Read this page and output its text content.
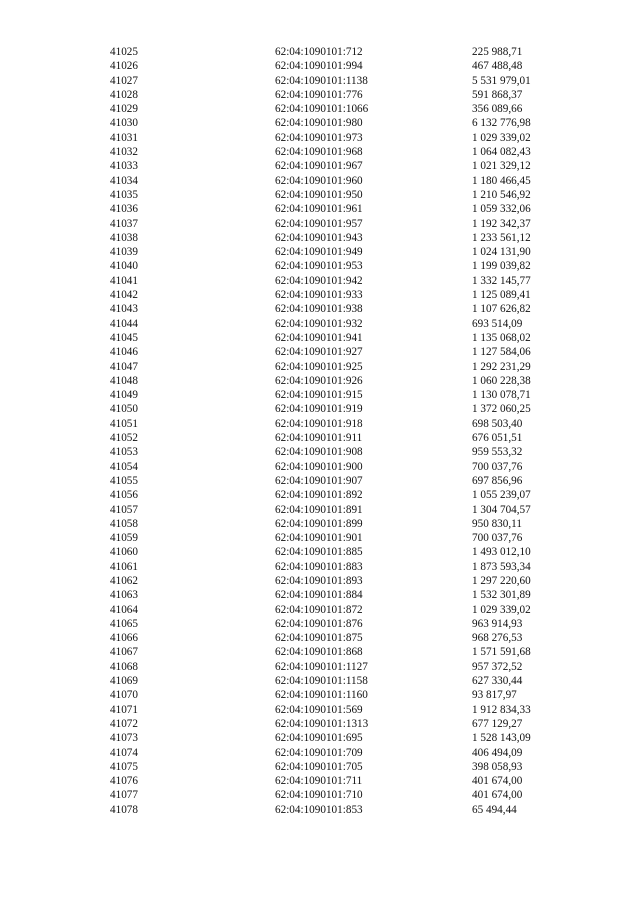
41025	62:04:1090101:712	225 988,71
41026	62:04:1090101:994	467 488,48
41027	62:04:1090101:1138	5 531 979,01
41028	62:04:1090101:776	591 868,37
41029	62:04:1090101:1066	356 089,66
41030	62:04:1090101:980	6 132 776,98
41031	62:04:1090101:973	1 029 339,02
41032	62:04:1090101:968	1 064 082,43
41033	62:04:1090101:967	1 021 329,12
41034	62:04:1090101:960	1 180 466,45
41035	62:04:1090101:950	1 210 546,92
41036	62:04:1090101:961	1 059 332,06
41037	62:04:1090101:957	1 192 342,37
41038	62:04:1090101:943	1 233 561,12
41039	62:04:1090101:949	1 024 131,90
41040	62:04:1090101:953	1 199 039,82
41041	62:04:1090101:942	1 332 145,77
41042	62:04:1090101:933	1 125 089,41
41043	62:04:1090101:938	1 107 626,82
41044	62:04:1090101:932	693 514,09
41045	62:04:1090101:941	1 135 068,02
41046	62:04:1090101:927	1 127 584,06
41047	62:04:1090101:925	1 292 231,29
41048	62:04:1090101:926	1 060 228,38
41049	62:04:1090101:915	1 130 078,71
41050	62:04:1090101:919	1 372 060,25
41051	62:04:1090101:918	698 503,40
41052	62:04:1090101:911	676 051,51
41053	62:04:1090101:908	959 553,32
41054	62:04:1090101:900	700 037,76
41055	62:04:1090101:907	697 856,96
41056	62:04:1090101:892	1 055 239,07
41057	62:04:1090101:891	1 304 704,57
41058	62:04:1090101:899	950 830,11
41059	62:04:1090101:901	700 037,76
41060	62:04:1090101:885	1 493 012,10
41061	62:04:1090101:883	1 873 593,34
41062	62:04:1090101:893	1 297 220,60
41063	62:04:1090101:884	1 532 301,89
41064	62:04:1090101:872	1 029 339,02
41065	62:04:1090101:876	963 914,93
41066	62:04:1090101:875	968 276,53
41067	62:04:1090101:868	1 571 591,68
41068	62:04:1090101:1127	957 372,52
41069	62:04:1090101:1158	627 330,44
41070	62:04:1090101:1160	93 817,97
41071	62:04:1090101:569	1 912 834,33
41072	62:04:1090101:1313	677 129,27
41073	62:04:1090101:695	1 528 143,09
41074	62:04:1090101:709	406 494,09
41075	62:04:1090101:705	398 058,93
41076	62:04:1090101:711	401 674,00
41077	62:04:1090101:710	401 674,00
41078	62:04:1090101:853	65 494,44
